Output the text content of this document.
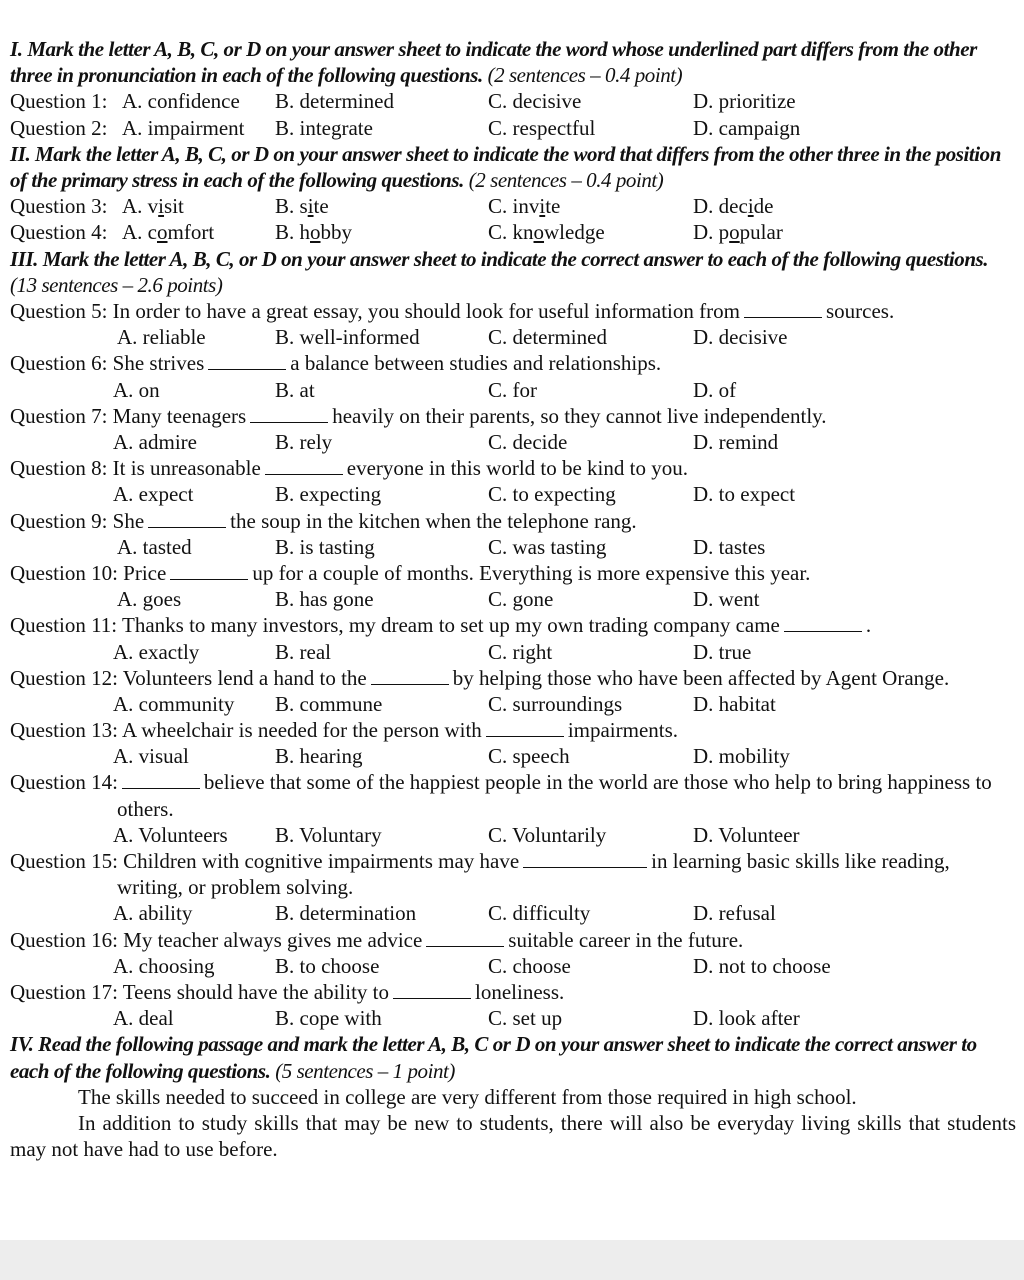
I. Mark the letter A, B, C, or D on your answer sheet to indicate the word whose underlined part differs from the other three in pronunciation in each of the following questions. (2 sentences – 0.4 point)
Question 1: A. confidence B. determined	C. decisive	D. prioritize
Question 2: A. impairment B. integrate	C. respectful	D. campaign
II. Mark the letter A, B, C, or D on your answer sheet to indicate the word that differs from the other three in the position of the primary stress in each of the following questions. (2 sentences – 0.4 point)
Question 3: A. visit	B. site	C. invite	D. decide
Question 4: A. comfort	B. hobby	C. knowledge	D. popular
III. Mark the letter A, B, C, or D on your answer sheet to indicate the correct answer to each of the following questions. (13 sentences – 2.6 points)
Question 5: In order to have a great essay, you should look for useful information from	sources.
A. reliable	B. well-informed	C. determined	D. decisive
Question 6: She strives	a balance between studies and relationships.
A. on	B. at	C. for	D. of
Question 7: Many teenagers	heavily on their parents, so they cannot live independently.
A. admire	B. rely	C. decide	D. remind
Question 8: It is unreasonable	everyone in this world to be kind to you.
A. expect	B. expecting	C. to expecting	D. to expect
Question 9: She	the soup in the kitchen when the telephone rang.
A. tasted	B. is tasting	C. was tasting	D. tastes
Question 10: Price	up for a couple of months. Everything is more expensive this year.
A. goes	B. has gone	C. gone	D. went
Question 11: Thanks to many investors, my dream to set up my own trading company came	.
A. exactly	B. real	C. right	D. true
Question 12: Volunteers lend a hand to the	by helping those who have been affected by Agent Orange.
A. community B. commune	C. surroundings	D. habitat
Question 13: A wheelchair is needed for the person with	impairments.
A. visual	B. hearing	C. speech	D. mobility
Question 14:	believe that some of the happiest people in the world are those who help to bring happiness to others.
A. Volunteers B. Voluntary	C. Voluntarily	D. Volunteer
Question 15: Children with cognitive impairments may have	in learning basic skills like reading, writing, or problem solving.
A. ability	B. determination	C. difficulty	D. refusal
Question 16: My teacher always gives me advice	suitable career in the future.
A. choosing	B. to choose	C. choose	D. not to choose
Question 17: Teens should have the ability to	loneliness.
A. deal	B. cope with	C. set up	D. look after
IV. Read the following passage and mark the letter A, B, C or D on your answer sheet to indicate the correct answer to each of the following questions. (5 sentences – 1 point)
The skills needed to succeed in college are very different from those required in high school.
In addition to study skills that may be new to students, there will also be everyday living skills that students may not have had to use before.
